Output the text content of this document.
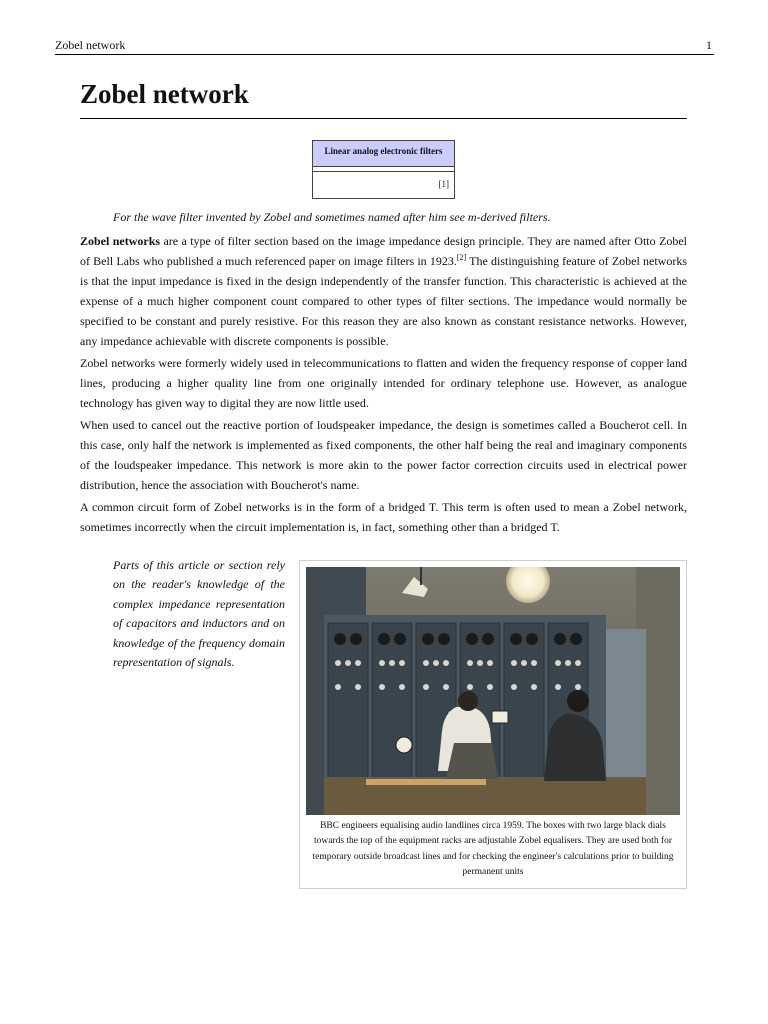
Zobel network	1
Zobel network
Linear analog electronic filters
[1]

For the wave filter invented by Zobel and sometimes named after him see m-derived filters.

Zobel networks are a type of filter section based on the image impedance design principle. They are named after Otto Zobel of Bell Labs who published a much referenced paper on image filters in 1923.[2] The distinguishing feature of Zobel networks is that the input impedance is fixed in the design independently of the transfer function. This characteristic is achieved at the expense of a much higher component count compared to other types of filter sections. The impedance would normally be specified to be constant and purely resistive. For this reason they are also known as constant resistance networks. However, any impedance achievable with discrete components is possible.

Zobel networks were formerly widely used in telecommunications to flatten and widen the frequency response of copper land lines, producing a higher quality line from one originally intended for ordinary telephone use. However, as analogue technology has given way to digital they are now little used.

When used to cancel out the reactive portion of loudspeaker impedance, the design is sometimes called a Boucherot cell. In this case, only half the network is implemented as fixed components, the other half being the real and imaginary components of the loudspeaker impedance. This network is more akin to the power factor correction circuits used in electrical power distribution, hence the association with Boucherot's name.

A common circuit form of Zobel networks is in the form of a bridged T. This term is often used to mean a Zobel network, sometimes incorrectly when the circuit implementation is, in fact, something other than a bridged T.

Parts of this article or section rely on the reader's knowledge of the complex impedance representation of capacitors and inductors and on knowledge of the frequency domain representation of signals.
BBC engineers equalising audio landlines circa 1959. The boxes with two large black dials towards the top of the equipment racks are adjustable Zobel equalisers. They are used both for temporary outside broadcast lines and for checking the engineer's calculations prior to building permanent units
